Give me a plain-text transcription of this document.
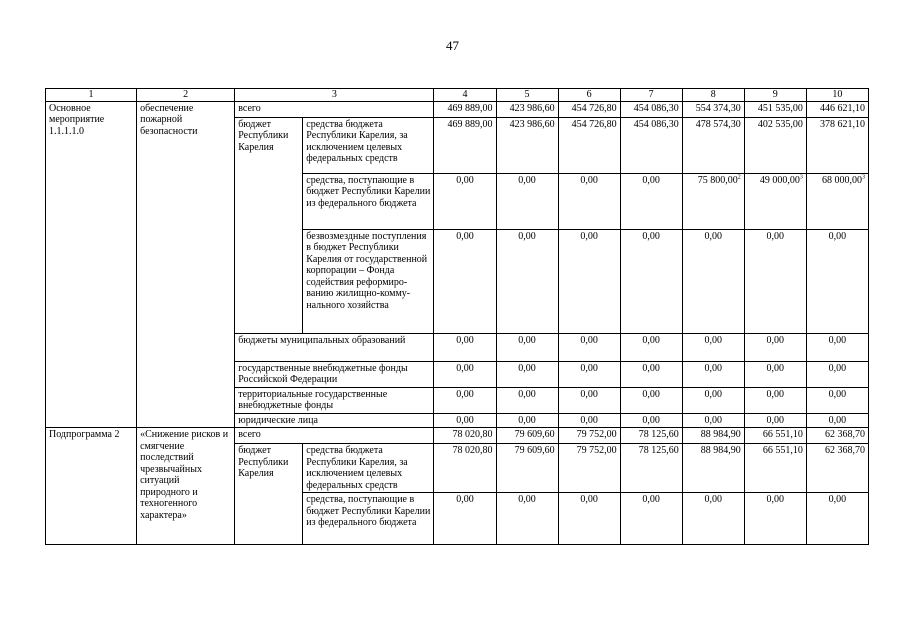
47
1	2	3		4	5	6	7	8	9	10
Основное мероприятие 1.1.1.1.0	обеспечение пожарной безопасности	всего		469 889,00	423 986,60	454 726,80	454 086,30	554 374,30	451 535,00	446 621,10
		бюджет Республики Карелия	средства бюджета Республики Карелия, за исключением целевых федеральных средств	469 889,00	423 986,60	454 726,80	454 086,30	478 574,30	402 535,00	378 621,10
			средства, поступающие в бюджет Республики Карелии из федерального бюджета	0,00	0,00	0,00	0,00	75 800,00$^2$	49 000,00$^3$	68 000,00$^3$
			безвозмездные поступления в бюджет Республики Карелия от государственной корпорации – Фонда содействия реформиро-ванию жилищно-комму-нального хозяйства	0,00	0,00	0,00	0,00	0,00	0,00	0,00
		бюджеты муниципальных образований		0,00	0,00	0,00	0,00	0,00	0,00	0,00
		государственные внебюджетные фонды Российской Федерации		0,00	0,00	0,00	0,00	0,00	0,00	0,00
		территориальные государственные внебюджетные фонды		0,00	0,00	0,00	0,00	0,00	0,00	0,00
		юридические лица		0,00	0,00	0,00	0,00	0,00	0,00	0,00
Подпрограмма 2	«Снижение рисков и смягчение последствий чрезвычайных ситуаций природного и техногенного характера»	всего		78 020,80	79 609,60	79 752,00	78 125,60	88 984,90	66 551,10	62 368,70
		бюджет Республики Карелия	средства бюджета Республики Карелия, за исключением целевых федеральных средств	78 020,80	79 609,60	79 752,00	78 125,60	88 984,90	66 551,10	62 368,70
			средства, поступающие в бюджет Республики Карелии из федерального бюджета	0,00	0,00	0,00	0,00	0,00	0,00	0,00
